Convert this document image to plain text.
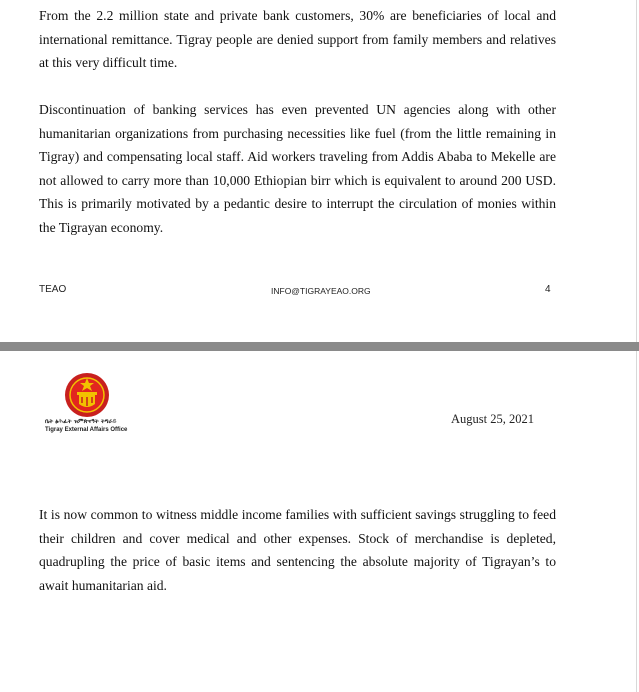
From the 2.2 million state and private bank customers, 30% are beneficiaries of local and international remittance. Tigray people are denied support from family members and relatives at this very difficult time.

Discontinuation of banking services has even prevented UN agencies along with other humanitarian organizations from purchasing necessities like fuel (from the little remaining in Tigray) and compensating local staff. Aid workers traveling from Addis Ababa to Mekelle are not allowed to carry more than 10,000 Ethiopian birr which is equivalent to around 200 USD. This is primarily motivated by a pedantic desire to interrupt the circulation of monies within the Tigrayan economy.

TEAO	INFO@TIGRAYEAO.ORG	4
ቤት ፅሕፈት ዝምጽናዓት ትግራይ
Tigray External Affairs Office
August 25, 2021

It is now common to witness middle income families with sufficient savings struggling to feed their children and cover medical and other expenses. Stock of merchandise is depleted, quadrupling the price of basic items and sentencing the absolute majority of Tigrayan’s to await humanitarian aid.
